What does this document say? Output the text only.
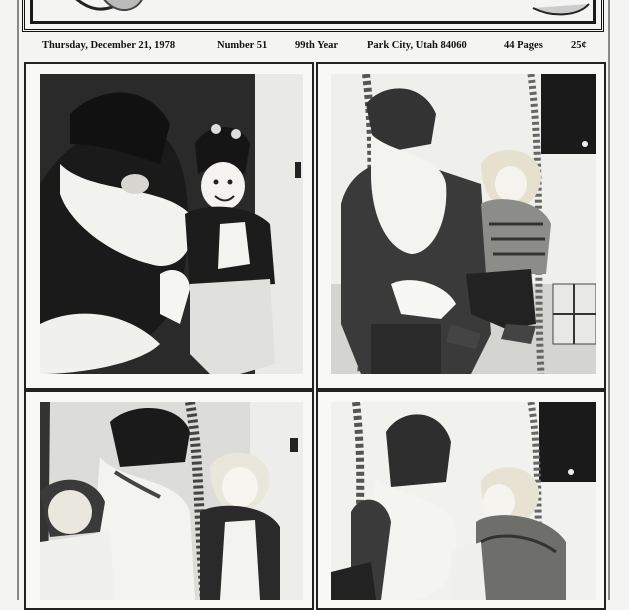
Thursday, December 21, 1978	Number 51	99th Year	Park City, Utah 84060	44 Pages	25¢
